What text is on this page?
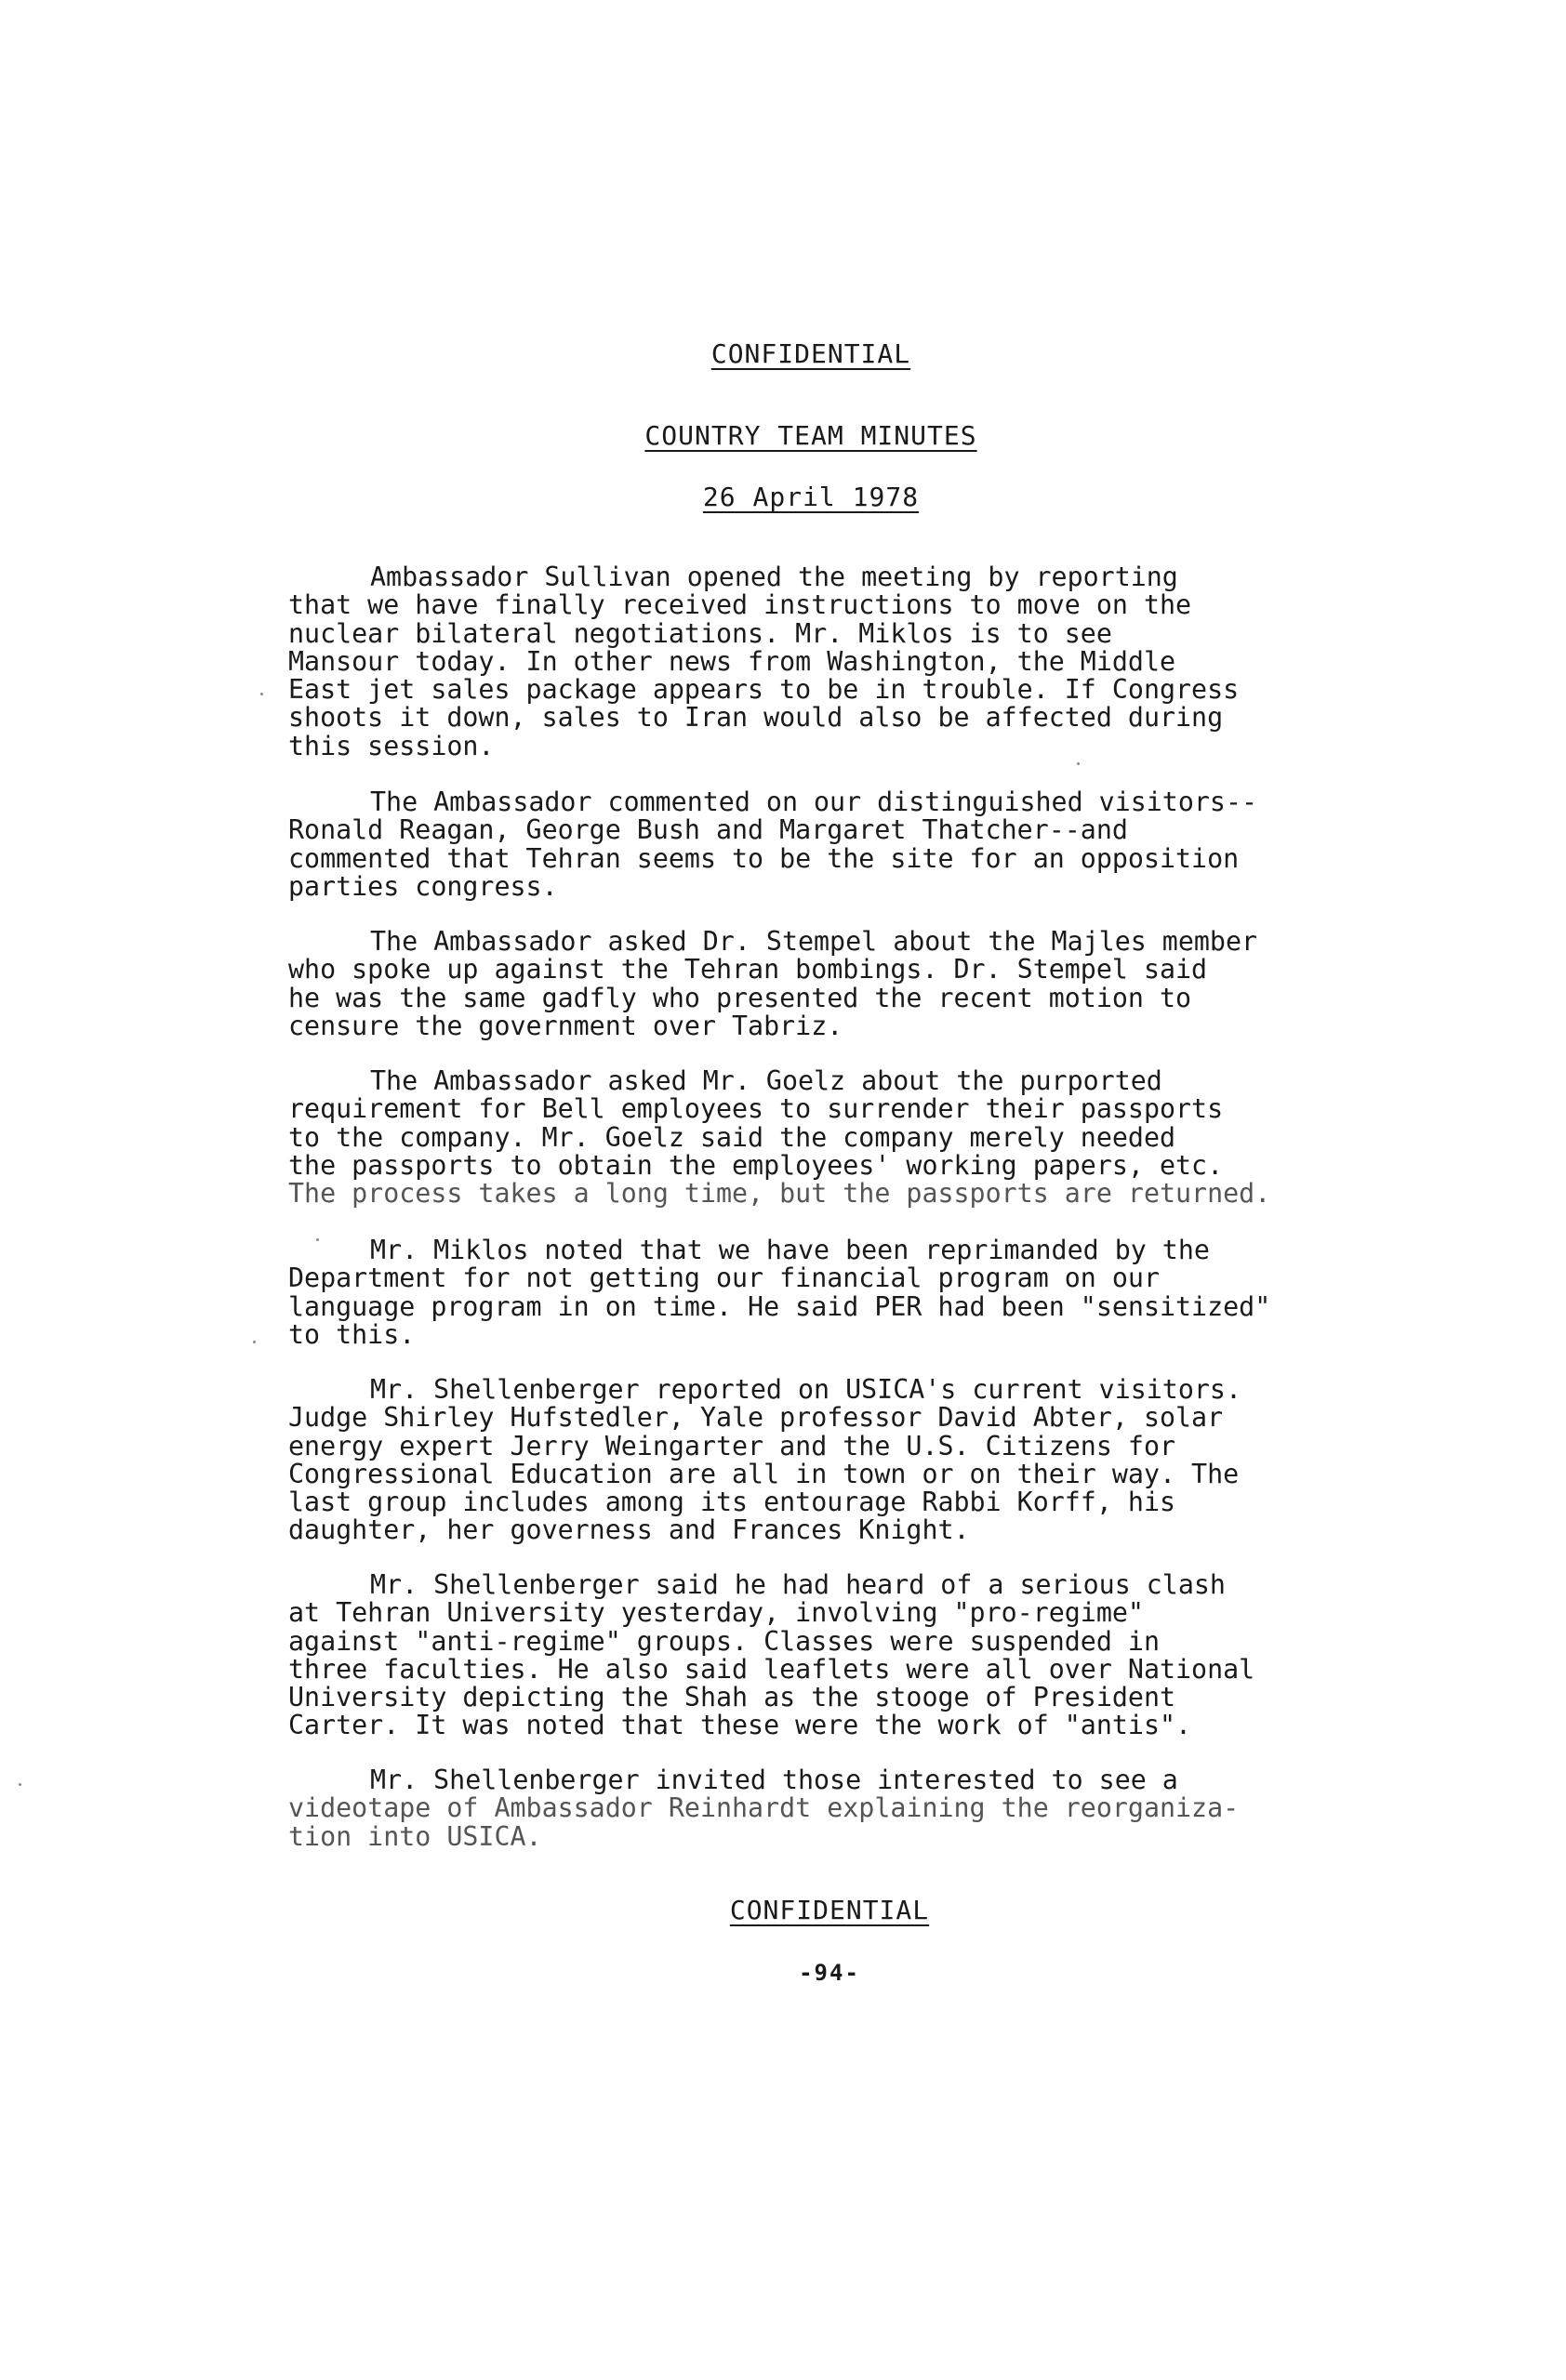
CONFIDENTIAL
COUNTRY TEAM MINUTES
26 April 1978
Ambassador Sullivan opened the meeting by reporting
that we have finally received instructions to move on the
nuclear bilateral negotiations. Mr. Miklos is to see
Mansour today. In other news from Washington, the Middle
East jet sales package appears to be in trouble. If Congress
shoots it down, sales to Iran would also be affected during
this session.
The Ambassador commented on our distinguished visitors--
Ronald Reagan, George Bush and Margaret Thatcher--and
commented that Tehran seems to be the site for an opposition
parties congress.
The Ambassador asked Dr. Stempel about the Majles member
who spoke up against the Tehran bombings. Dr. Stempel said
he was the same gadfly who presented the recent motion to
censure the government over Tabriz.
The Ambassador asked Mr. Goelz about the purported
requirement for Bell employees to surrender their passports
to the company. Mr. Goelz said the company merely needed
the passports to obtain the employees' working papers, etc.
The process takes a long time, but the passports are returned.
Mr. Miklos noted that we have been reprimanded by the
Department for not getting our financial program on our
language program in on time. He said PER had been "sensitized"
to this.
Mr. Shellenberger reported on USICA's current visitors.
Judge Shirley Hufstedler, Yale professor David Abter, solar
energy expert Jerry Weingarter and the U.S. Citizens for
Congressional Education are all in town or on their way. The
last group includes among its entourage Rabbi Korff, his
daughter, her governess and Frances Knight.
Mr. Shellenberger said he had heard of a serious clash
at Tehran University yesterday, involving "pro-regime"
against "anti-regime" groups. Classes were suspended in
three faculties. He also said leaflets were all over National
University depicting the Shah as the stooge of President
Carter. It was noted that these were the work of "antis".
Mr. Shellenberger invited those interested to see a
videotape of Ambassador Reinhardt explaining the reorganiza-
tion into USICA.
CONFIDENTIAL
-94-
